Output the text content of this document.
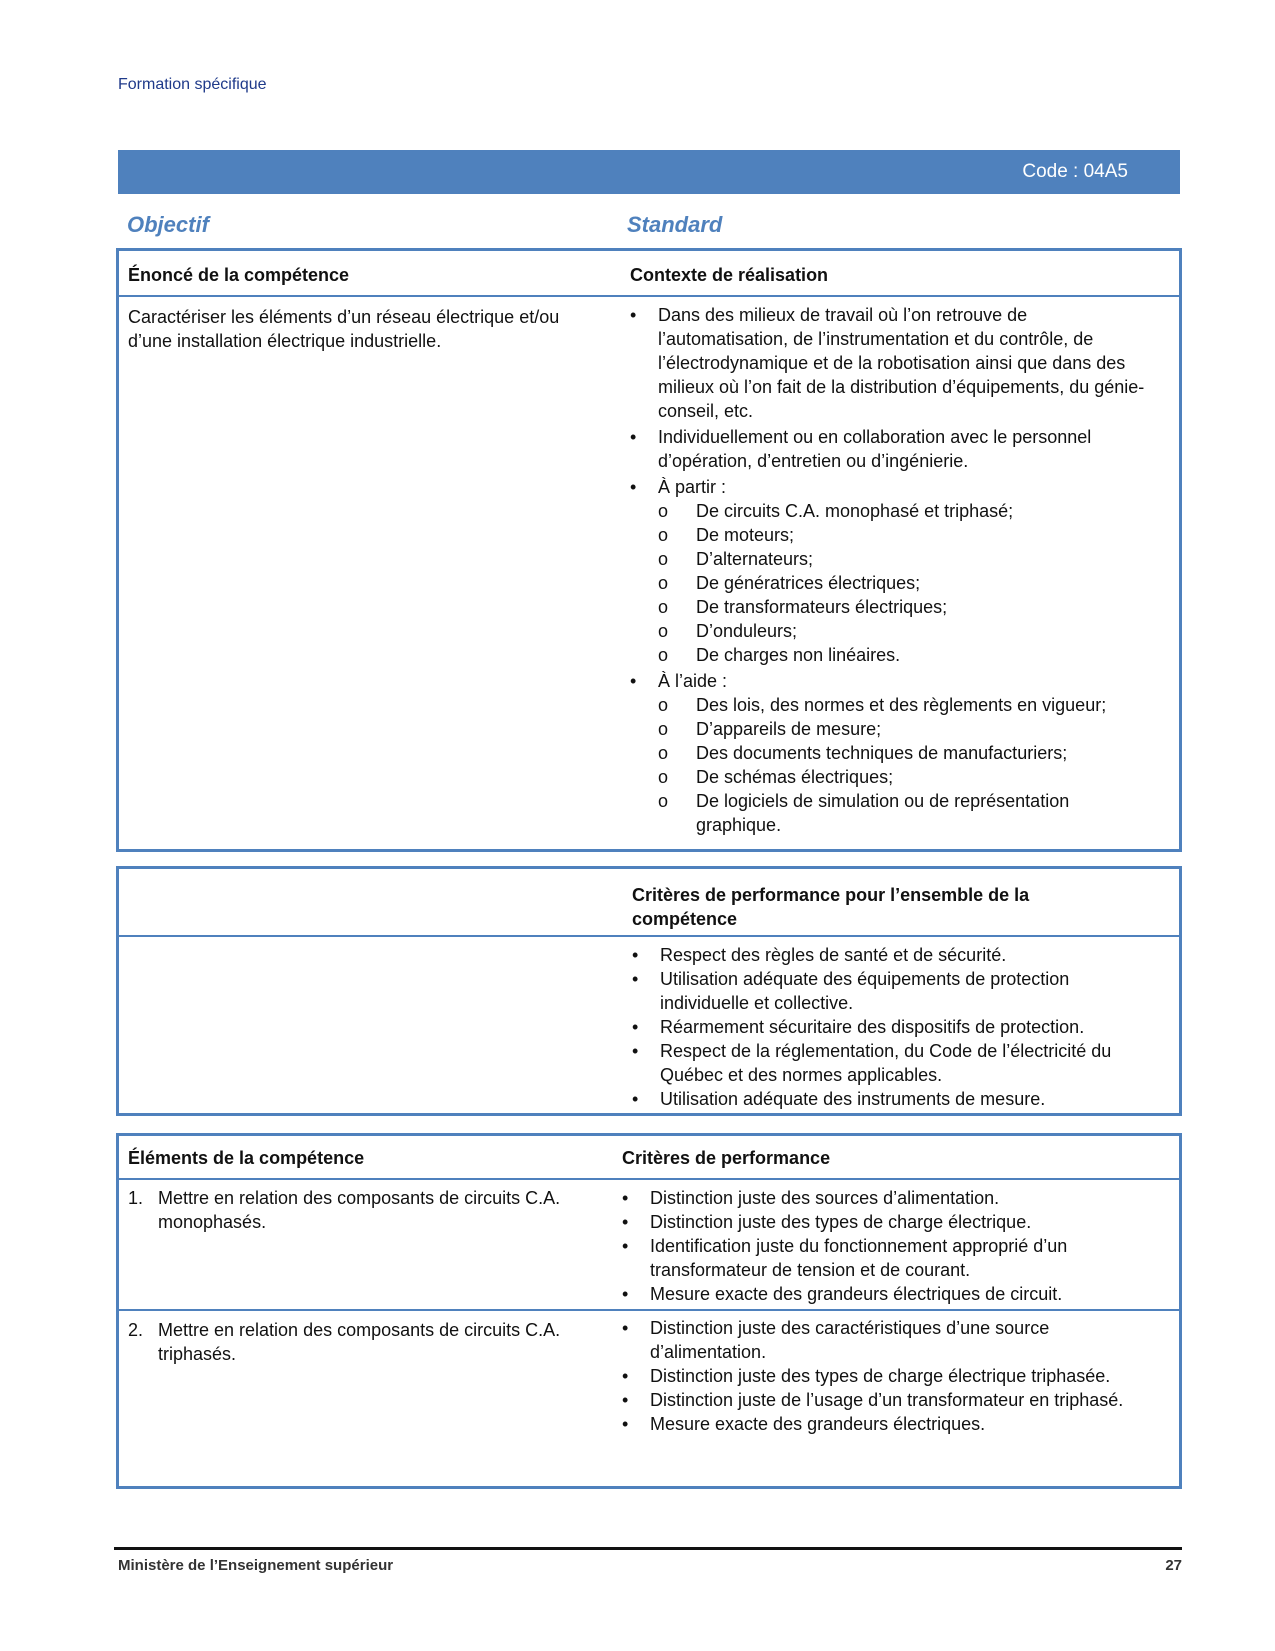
Formation spécifique
Code : 04A5
Objectif	Standard
Énoncé de la compétence	Contexte de réalisation
Caractériser les éléments d’un réseau électrique et/ou d’une installation électrique industrielle.
• Dans des milieux de travail où l’on retrouve de l’automatisation, de l’instrumentation et du contrôle, de l’électrodynamique et de la robotisation ainsi que dans des milieux où l’on fait de la distribution d’équipements, du génie-conseil, etc.
• Individuellement ou en collaboration avec le personnel d’opération, d’entretien ou d’ingénierie.
• À partir :
o De circuits C.A. monophasé et triphasé;
o De moteurs;
o D’alternateurs;
o De génératrices électriques;
o De transformateurs électriques;
o D’onduleurs;
o De charges non linéaires.
• À l’aide :
o Des lois, des normes et des règlements en vigueur;
o D’appareils de mesure;
o Des documents techniques de manufacturiers;
o De schémas électriques;
o De logiciels de simulation ou de représentation graphique.
Critères de performance pour l’ensemble de la compétence
• Respect des règles de santé et de sécurité.
• Utilisation adéquate des équipements de protection individuelle et collective.
• Réarmement sécuritaire des dispositifs de protection.
• Respect de la réglementation, du Code de l’électricité du Québec et des normes applicables.
• Utilisation adéquate des instruments de mesure.
Éléments de la compétence	Critères de performance
1. Mettre en relation des composants de circuits C.A. monophasés.
• Distinction juste des sources d’alimentation.
• Distinction juste des types de charge électrique.
• Identification juste du fonctionnement approprié d’un transformateur de tension et de courant.
• Mesure exacte des grandeurs électriques de circuit.
2. Mettre en relation des composants de circuits C.A. triphasés.
• Distinction juste des caractéristiques d’une source d’alimentation.
• Distinction juste des types de charge électrique triphasée.
• Distinction juste de l’usage d’un transformateur en triphasé.
• Mesure exacte des grandeurs électriques.
Ministère de l’Enseignement supérieur	27
